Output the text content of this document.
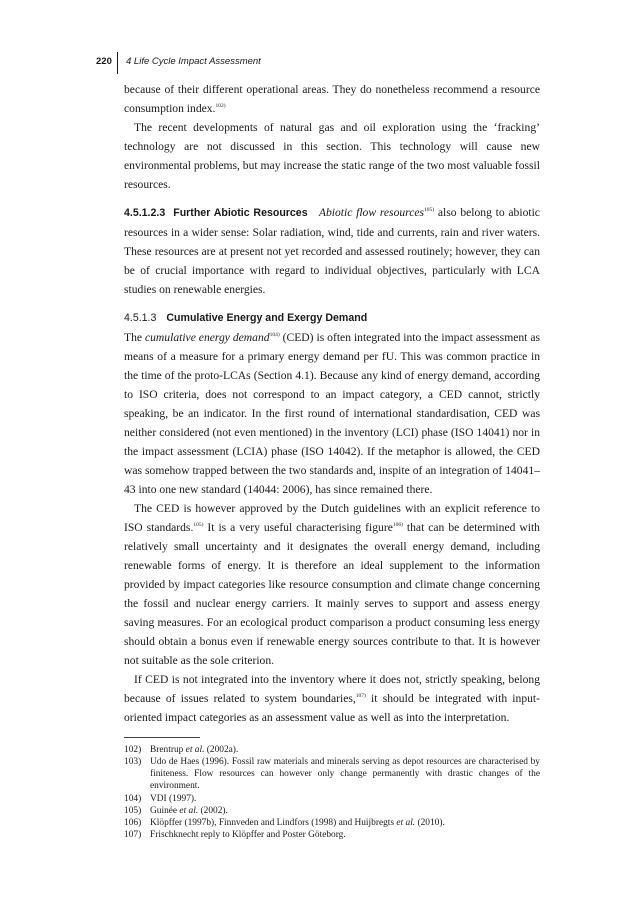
220 4 Life Cycle Impact Assessment

because of their different operational areas. They do nonetheless recommend a resource consumption index.$^{102)}$

The recent developments of natural gas and oil exploration using the ‘fracking’ technology are not discussed in this section. This technology will cause new environmental problems, but may increase the static range of the two most valuable fossil resources.

4.5.1.2.3 Further Abiotic Resources Abiotic flow resources$^{105)}$ also belong to abiotic resources in a wider sense: Solar radiation, wind, tide and currents, rain and river waters. These resources are at present not yet recorded and assessed routinely; however, they can be of crucial importance with regard to individual objectives, particularly with LCA studies on renewable energies.

4.5.1.3 Cumulative Energy and Exergy Demand

The cumulative energy demand$^{104)}$ (CED) is often integrated into the impact assessment as means of a measure for a primary energy demand per fU. This was common practice in the time of the proto-LCAs (Section 4.1). Because any kind of energy demand, according to ISO criteria, does not correspond to an impact category, a CED cannot, strictly speaking, be an indicator. In the first round of international standardisation, CED was neither considered (not even mentioned) in the inventory (LCI) phase (ISO 14041) nor in the impact assessment (LCIA) phase (ISO 14042). If the metaphor is allowed, the CED was somehow trapped between the two standards and, inspite of an integration of 14041–43 into one new standard (14044: 2006), has since remained there.

The CED is however approved by the Dutch guidelines with an explicit reference to ISO standards.$^{105)}$ It is a very useful characterising figure$^{106)}$ that can be determined with relatively small uncertainty and it designates the overall energy demand, including renewable forms of energy. It is therefore an ideal supplement to the information provided by impact categories like resource consumption and climate change concerning the fossil and nuclear energy carriers. It mainly serves to support and assess energy saving measures. For an ecological product comparison a product consuming less energy should obtain a bonus even if renewable energy sources contribute to that. It is however not suitable as the sole criterion.

If CED is not integrated into the inventory where it does not, strictly speaking, belong because of issues related to system boundaries,$^{107)}$ it should be integrated with input-oriented impact categories as an assessment value as well as into the interpretation.

102) Brentrup et al. (2002a).
103) Udo de Haes (1996). Fossil raw materials and minerals serving as depot resources are characterised by finiteness. Flow resources can however only change permanently with drastic changes of the environment.
104) VDI (1997).
105) Guinée et al. (2002).
106) Klöpffer (1997b), Finnveden and Lindfors (1998) and Huijbregts et al. (2010).
107) Frischknecht reply to Klöpffer and Poster Göteborg.
